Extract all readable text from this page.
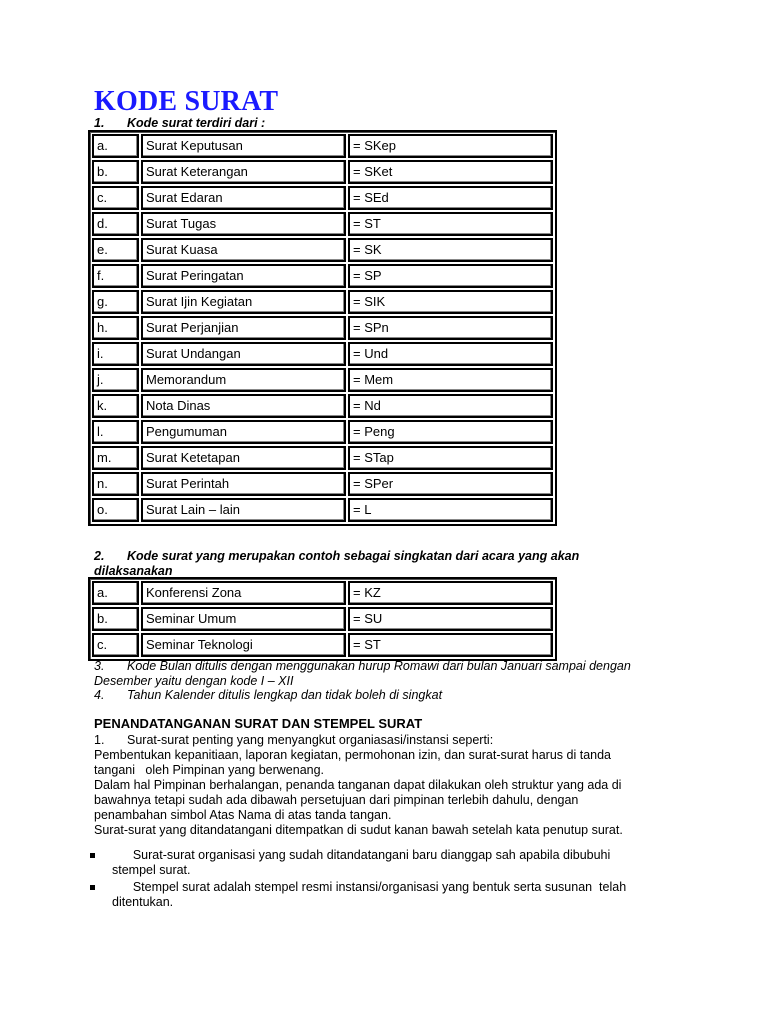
KODE SURAT
1. Kode surat terdiri dari :
a.	Surat Keputusan	= SKep
b.	Surat Keterangan	= SKet
c.	Surat Edaran	= SEd
d.	Surat Tugas	= ST
e.	Surat Kuasa	= SK
f.	Surat Peringatan	= SP
g.	Surat Ijin Kegiatan	= SIK
h.	Surat Perjanjian	= SPn
i.	Surat Undangan	= Und
j.	Memorandum	= Mem
k.	Nota Dinas	= Nd
l.	Pengumuman	= Peng
m.	Surat Ketetapan	= STap
n.	Surat Perintah	= SPer
o.	Surat Lain – lain	= L
2. Kode surat yang merupakan contoh sebagai singkatan dari acara yang akan
dilaksanakan
a.	Konferensi Zona	= KZ
b.	Seminar Umum	= SU
c.	Seminar Teknologi	= ST

3. Kode Bulan ditulis dengan menggunakan hurup Romawi dari bulan Januari sampai dengan
Desember yaitu dengan kode I – XII

4. Tahun Kalender ditulis lengkap dan tidak boleh di singkat

PENANDATANGANAN SURAT DAN STEMPEL SURAT

1. Surat-surat penting yang menyangkut organiasasi/instansi seperti:

Pembentukan kepanitiaan, laporan kegiatan, permohonan izin, dan surat-surat harus di tanda
tangani   oleh Pimpinan yang berwenang.

Dalam hal Pimpinan berhalangan, penanda tanganan dapat dilakukan oleh struktur yang ada di
bawahnya tetapi sudah ada dibawah persetujuan dari pimpinan terlebih dahulu, dengan
penambahan simbol Atas Nama di atas tanda tangan.

Surat-surat yang ditandatangani ditempatkan di sudut kanan bawah setelah kata penutup surat.

Surat-surat organisasi yang sudah ditandatangani baru dianggap sah apabila dibubuhi
stempel surat.
Stempel surat adalah stempel resmi instansi/organisasi yang bentuk serta susunan  telah
ditentukan.
